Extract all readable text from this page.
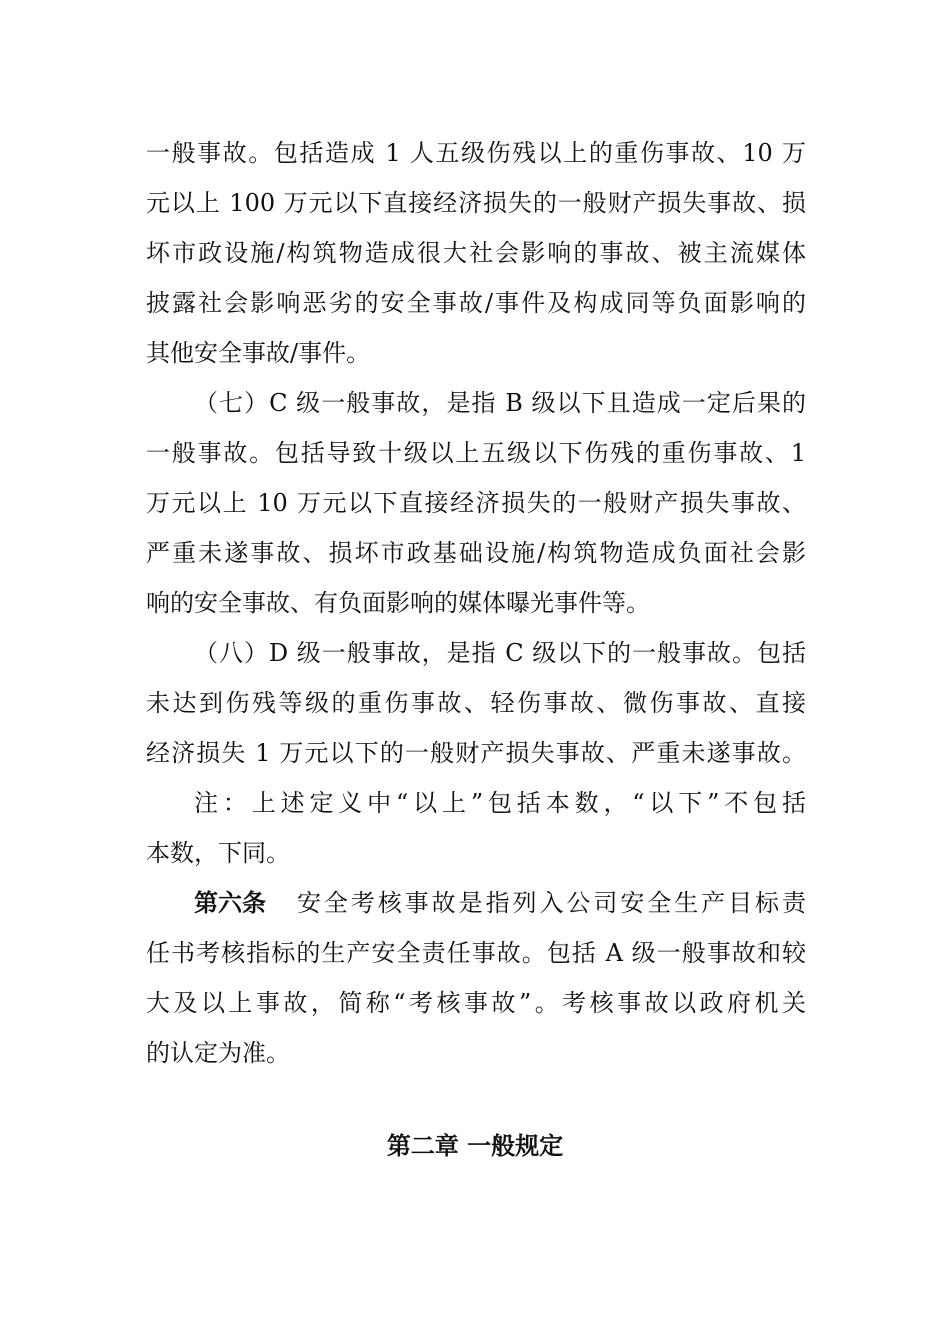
一般事故。包括造成 1 人五级伤残以上的重伤事故、10 万
元以上 100 万元以下直接经济损失的一般财产损失事故、损
坏市政设施/构筑物造成很大社会影响的事故、被主流媒体
披露社会影响恶劣的安全事故/事件及构成同等负面影响的
其他安全事故/事件。
（七）C 级一般事故，是指 B 级以下且造成一定后果的
一般事故。包括导致十级以上五级以下伤残的重伤事故、1
万元以上 10 万元以下直接经济损失的一般财产损失事故、
严重未遂事故、损坏市政基础设施/构筑物造成负面社会影
响的安全事故、有负面影响的媒体曝光事件等。
（八）D 级一般事故，是指 C 级以下的一般事故。包括
未达到伤残等级的重伤事故、轻伤事故、微伤事故、直接
经济损失 1 万元以下的一般财产损失事故、严重未遂事故。
注：上述定义中“以上”包括本数，“以下”不包括
本数，下同。
第六条 安全考核事故是指列入公司安全生产目标责
任书考核指标的生产安全责任事故。包括 A 级一般事故和较
大及以上事故，简称“考核事故”。考核事故以政府机关
的认定为准。
第二章 一般规定
